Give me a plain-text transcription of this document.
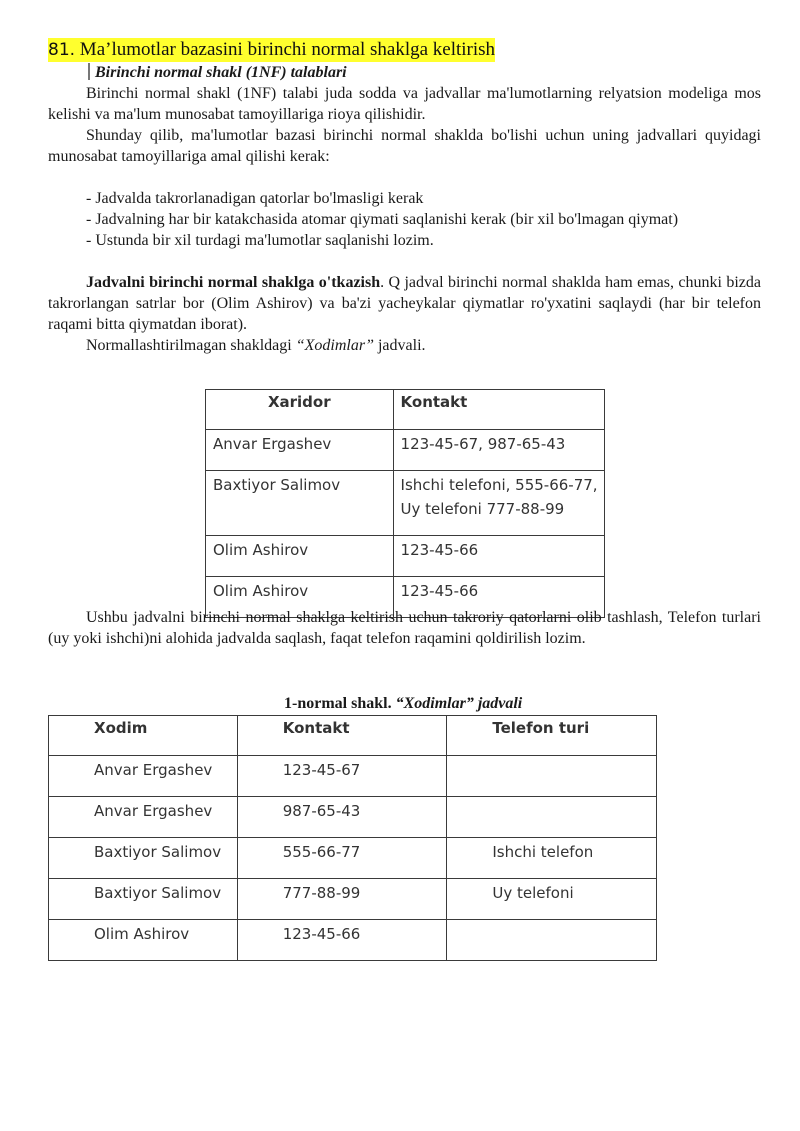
81. Ma’lumotlar bazasini birinchi normal shaklga keltirish
Birinchi normal shakl (1NF) talablari

Birinchi normal shakl (1NF) talabi juda sodda va jadvallar ma'lumotlarning relyatsion modeliga mos kelishi va ma'lum munosabat tamoyillariga rioya qilishidir.

Shunday qilib, ma'lumotlar bazasi birinchi normal shaklda bo'lishi uchun uning jadvallari quyidagi munosabat tamoyillariga amal qilishi kerak:

- Jadvalda takrorlanadigan qatorlar bo'lmasligi kerak

- Jadvalning har bir katakchasida atomar qiymati saqlanishi kerak (bir xil bo'lmagan qiymat)

- Ustunda bir xil turdagi ma'lumotlar saqlanishi lozim.

Jadvalni birinchi normal shaklga o'tkazish. Q jadval birinchi normal shaklda ham emas, chunki bizda takrorlangan satrlar bor (Olim Ashirov) va ba'zi yacheykalar qiymatlar ro'yxatini saqlaydi (har bir telefon raqami bitta qiymatdan iborat).

Normallashtirilmagan shakldagi “Xodimlar” jadvali.

Xaridor	Kontakt
Anvar Ergashev	123-45-67, 987-65-43
Baxtiyor Salimov	Ishchi telefoni, 555-66-77, Uy telefoni 777-88-99
Olim Ashirov	123-45-66
Olim Ashirov	123-45-66

Ushbu jadvalni birinchi normal shaklga keltirish uchun takroriy qatorlarni olib tashlash, Telefon turlari (uy yoki ishchi)ni alohida jadvalda saqlash, faqat telefon raqamini qoldirilish lozim.

1-normal shakl. “Xodimlar” jadvali
Xodim	Kontakt	Telefon turi
Anvar Ergashev	123-45-67	
Anvar Ergashev	987-65-43	
Baxtiyor Salimov	555-66-77	Ishchi telefon
Baxtiyor Salimov	777-88-99	Uy telefoni
Olim Ashirov	123-45-66	
